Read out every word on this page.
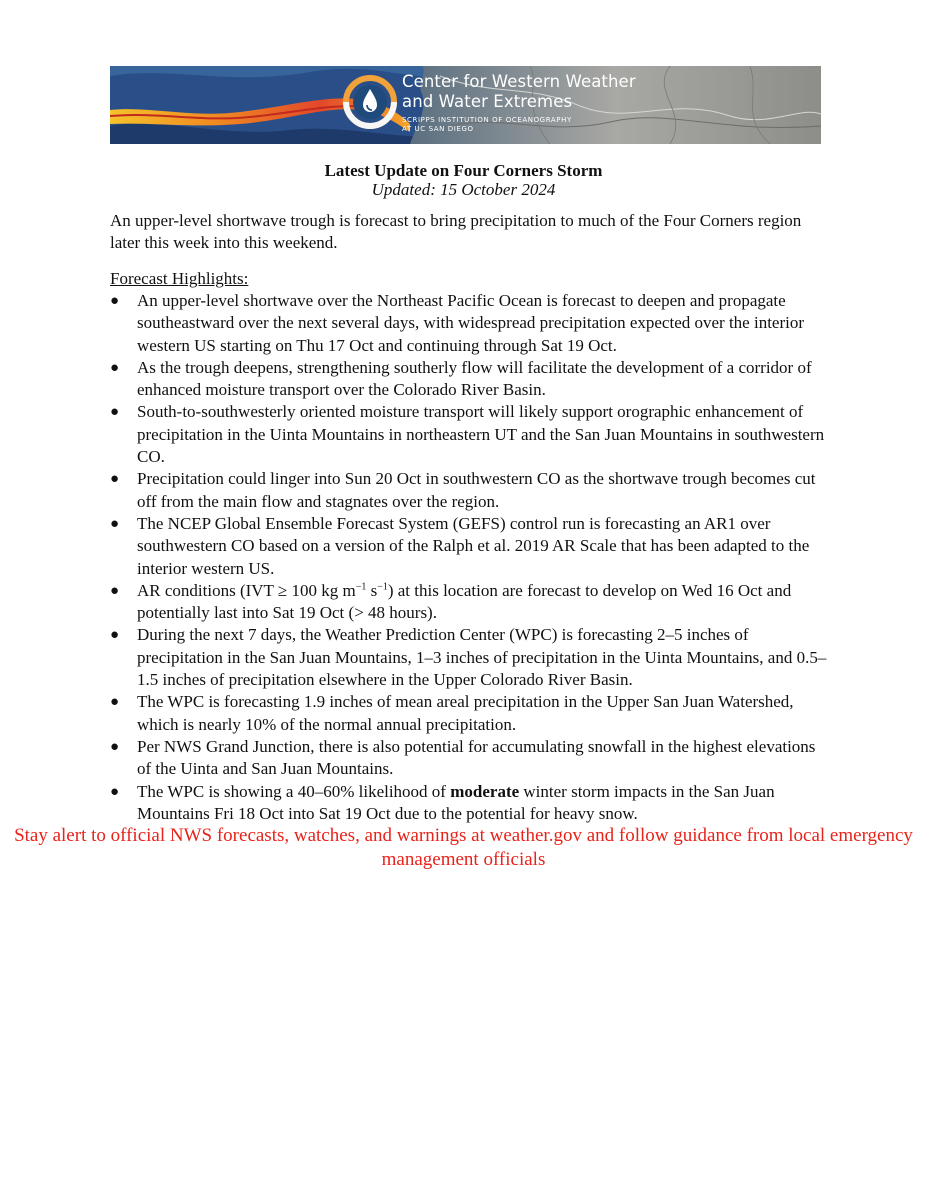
Center for Western Weather
and Water Extremes
SCRIPPS INSTITUTION OF OCEANOGRAPHY
AT UC SAN DIEGO
Latest Update on Four Corners Storm
Updated: 15 October 2024
An upper-level shortwave trough is forecast to bring precipitation to much of the Four Corners region later this week into this weekend.
Forecast Highlights:
● An upper-level shortwave over the Northeast Pacific Ocean is forecast to deepen and propagate southeastward over the next several days, with widespread precipitation expected over the interior western US starting on Thu 17 Oct and continuing through Sat 19 Oct.
● As the trough deepens, strengthening southerly flow will facilitate the development of a corridor of enhanced moisture transport over the Colorado River Basin.
● South-to-southwesterly oriented moisture transport will likely support orographic enhancement of precipitation in the Uinta Mountains in northeastern UT and the San Juan Mountains in southwestern CO.
● Precipitation could linger into Sun 20 Oct in southwestern CO as the shortwave trough becomes cut off from the main flow and stagnates over the region.
● The NCEP Global Ensemble Forecast System (GEFS) control run is forecasting an AR1 over southwestern CO based on a version of the Ralph et al. 2019 AR Scale that has been adapted to the interior western US.
● AR conditions (IVT ≥ 100 kg $m^{-1}$ $s^{-1}$) at this location are forecast to develop on Wed 16 Oct and potentially last into Sat 19 Oct (> 48 hours).
● During the next 7 days, the Weather Prediction Center (WPC) is forecasting 2–5 inches of precipitation in the San Juan Mountains, 1–3 inches of precipitation in the Uinta Mountains, and 0.5–1.5 inches of precipitation elsewhere in the Upper Colorado River Basin.
● The WPC is forecasting 1.9 inches of mean areal precipitation in the Upper San Juan Watershed, which is nearly 10% of the normal annual precipitation.
● Per NWS Grand Junction, there is also potential for accumulating snowfall in the highest elevations of the Uinta and San Juan Mountains.
● The WPC is showing a 40–60% likelihood of moderate winter storm impacts in the San Juan Mountains Fri 18 Oct into Sat 19 Oct due to the potential for heavy snow.
Stay alert to official NWS forecasts, watches, and warnings at weather.gov and follow guidance from local emergency management officials
